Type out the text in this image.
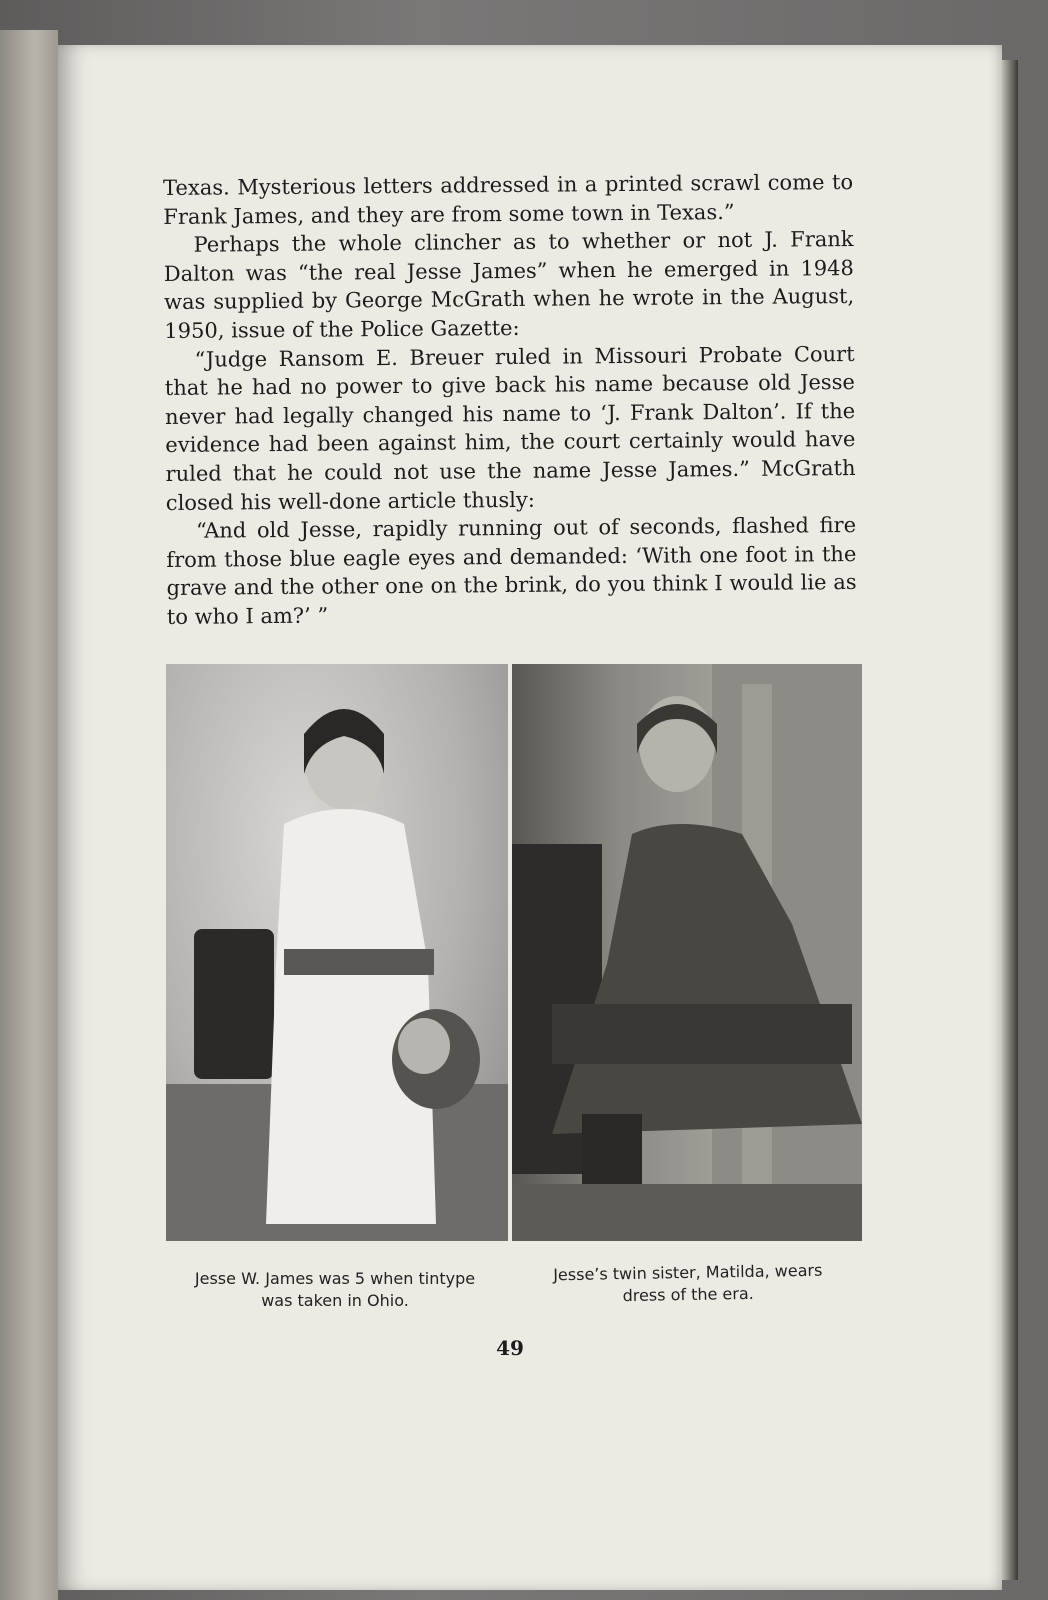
Texas. Mysterious letters addressed in a printed scrawl come to Frank James, and they are from some town in Texas.”

Perhaps the whole clincher as to whether or not J. Frank Dalton was “the real Jesse James” when he emerged in 1948 was supplied by George McGrath when he wrote in the August, 1950, issue of the Police Gazette:

“Judge Ransom E. Breuer ruled in Missouri Probate Court that he had no power to give back his name because old Jesse never had legally changed his name to ‘J. Frank Dalton’. If the evidence had been against him, the court certainly would have ruled that he could not use the name Jesse James.” McGrath closed his well-done article thusly:

“And old Jesse, rapidly running out of seconds, flashed fire from those blue eagle eyes and demanded: ‘With one foot in the grave and the other one on the brink, do you think I would lie as to who I am?’ ”

Jesse W. James was 5 when tintype was taken in Ohio.
Jesse’s twin sister, Matilda, wears dress of the era.
49
